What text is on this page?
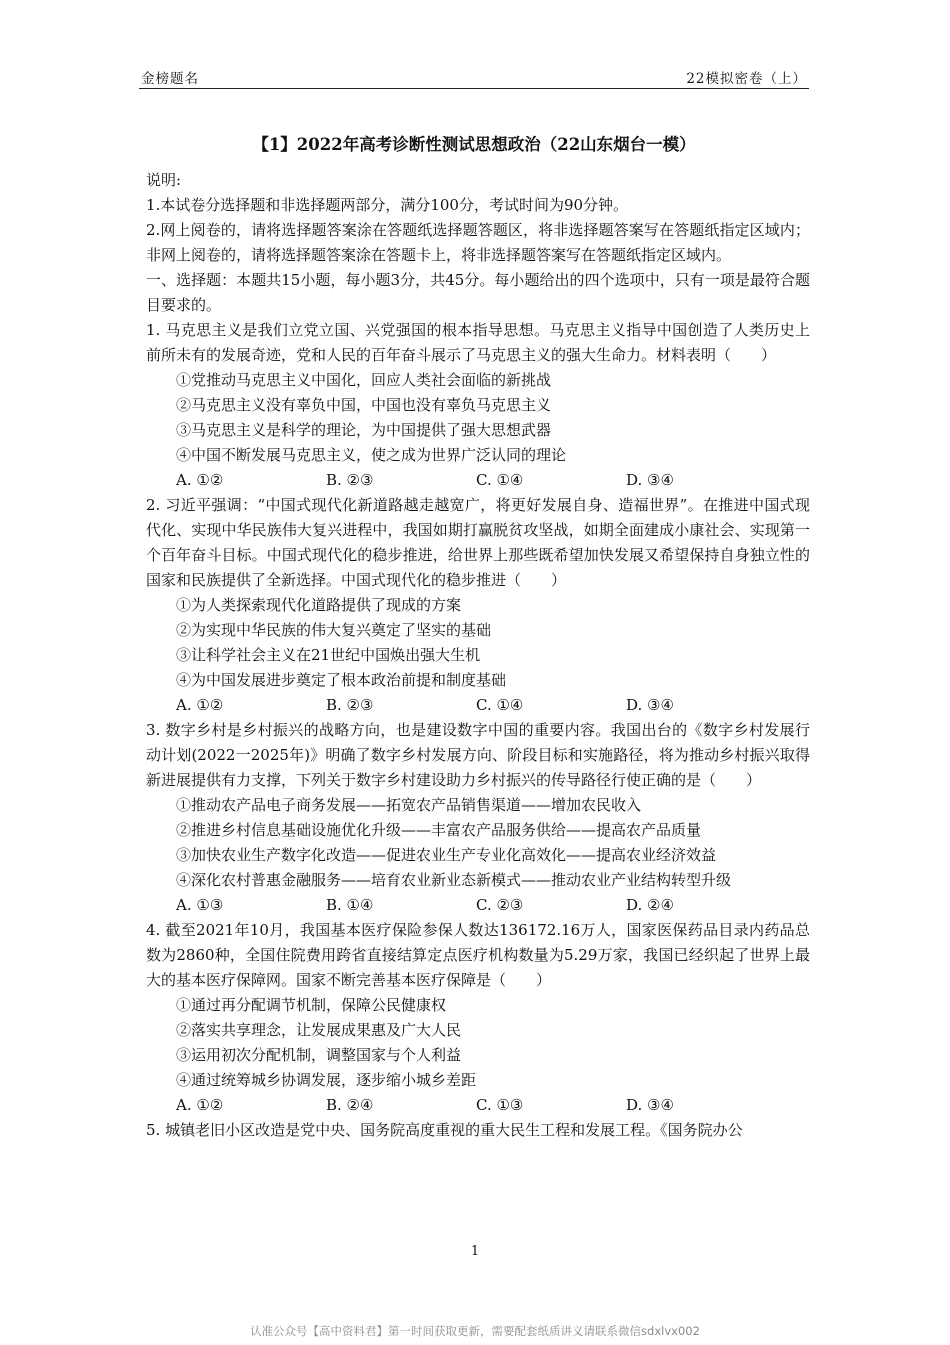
金榜题名	22模拟密卷（上）
【1】2022年高考诊断性测试思想政治（22山东烟台一模）

说明:

1.本试卷分选择题和非选择题两部分，满分100分，考试时间为90分钟。

2.网上阅卷的，请将选择题答案涂在答题纸选择题答题区，将非选择题答案写在答题纸指定区域内；非网上阅卷的，请将选择题答案涂在答题卡上，将非选择题答案写在答题纸指定区域内。

一、选择题：本题共15小题，每小题3分，共45分。每小题给出的四个选项中，只有一项是最符合题目要求的。

1. 马克思主义是我们立党立国、兴党强国的根本指导思想。马克思主义指导中国创造了人类历史上前所未有的发展奇迹，党和人民的百年奋斗展示了马克思主义的强大生命力。材料表明（　　）

①党推动马克思主义中国化，回应人类社会面临的新挑战

②马克思主义没有辜负中国，中国也没有辜负马克思主义

③马克思主义是科学的理论，为中国提供了强大思想武器

④中国不断发展马克思主义，使之成为世界广泛认同的理论

A. ①②	B. ②③	C. ①④	D. ③④

2. 习近平强调：“中国式现代化新道路越走越宽广，将更好发展自身、造福世界”。在推进中国式现代化、实现中华民族伟大复兴进程中，我国如期打赢脱贫攻坚战，如期全面建成小康社会、实现第一个百年奋斗目标。中国式现代化的稳步推进，给世界上那些既希望加快发展又希望保持自身独立性的国家和民族提供了全新选择。中国式现代化的稳步推进（　　）

①为人类探索现代化道路提供了现成的方案

②为实现中华民族的伟大复兴奠定了坚实的基础

③让科学社会主义在21世纪中国焕出强大生机

④为中国发展进步奠定了根本政治前提和制度基础

A. ①②	B. ②③	C. ①④	D. ③④

3. 数字乡村是乡村振兴的战略方向，也是建设数字中国的重要内容。我国出台的《数字乡村发展行动计划(2022一2025年)》明确了数字乡村发展方向、阶段目标和实施路径，将为推动乡村振兴取得新进展提供有力支撑，下列关于数字乡村建设助力乡村振兴的传导路径行使正确的是（　　）

①推动农产品电子商务发展——拓宽农产品销售渠道——增加农民收入

②推进乡村信息基础设施优化升级——丰富农产品服务供给——提高农产品质量

③加快农业生产数字化改造——促进农业生产专业化高效化——提高农业经济效益

④深化农村普惠金融服务——培育农业新业态新模式——推动农业产业结构转型升级

A. ①③	B. ①④	C. ②③	D. ②④

4. 截至2021年10月，我国基本医疗保险参保人数达136172.16万人，国家医保药品目录内药品总数为2860种，全国住院费用跨省直接结算定点医疗机构数量为5.29万家，我国已经织起了世界上最大的基本医疗保障网。国家不断完善基本医疗保障是（　　）

①通过再分配调节机制，保障公民健康权

②落实共享理念，让发展成果惠及广大人民

③运用初次分配机制，调整国家与个人利益

④通过统筹城乡协调发展，逐步缩小城乡差距

A. ①②	B. ②④	C. ①③	D. ③④

5. 城镇老旧小区改造是党中央、国务院高度重视的重大民生工程和发展工程。《国务院办公

1
认准公众号【高中资料君】第一时间获取更新，需要配套纸质讲义请联系微信sdxlvx002
